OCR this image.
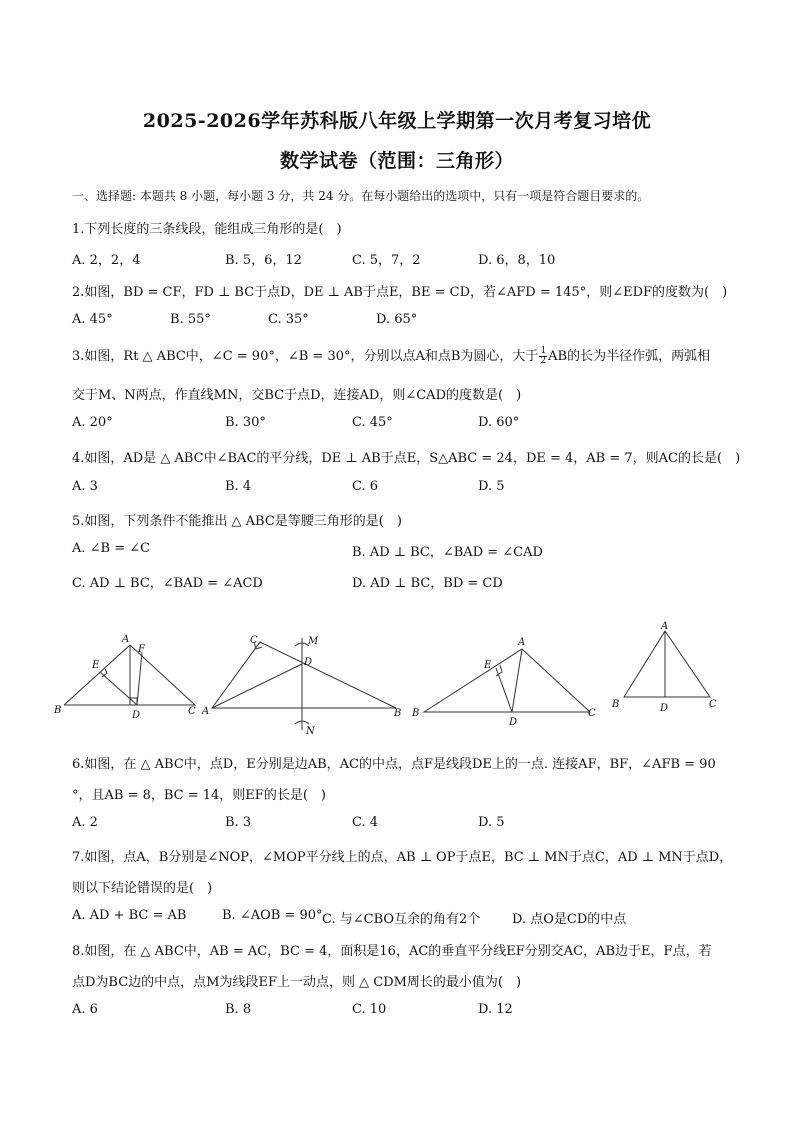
2025-2026学年苏科版八年级上学期第一次月考复习培优
数学试卷（范围：三角形）
一、选择题: 本题共 8 小题，每小题 3 分，共 24 分。在每小题给出的选项中，只有一项是符合题目要求的。
1.下列长度的三条线段，能组成三角形的是(　)
A. 2，2，4	B. 5，6，12	C. 5，7，2	D. 6，8，10
2.如图，BD = CF，FD ⊥ BC于点D，DE ⊥ AB于点E，BE = CD，若∠AFD = 145°，则∠EDF的度数为(　)
A. 45°	B. 55°	C. 35°	D. 65°
3.如图，Rt △ ABC中，∠C = 90°，∠B = 30°，分别以点A和点B为圆心，大于 $\frac{1}{2}$ AB的长为半径作弧，两弧相
交于M、N两点，作直线MN，交BC于点D，连接AD，则∠CAD的度数是(　)
A. 20°	B. 30°	C. 45°	D. 60°
4.如图，AD是 △ ABC中∠BAC的平分线，DE ⊥ AB于点E，S△ABC = 24，DE = 4，AB = 7，则AC的长是(　)
A. 3	B. 4	C. 6	D. 5
5.如图，下列条件不能推出 △ ABC是等腰三角形的是(　)
A. ∠B = ∠C	B. AD ⊥ BC，∠BAD = ∠CAD
C. AD ⊥ BC，∠BAD = ∠ACD	D. AD ⊥ BC，BD = CD
A
F
E
B	D	C
C	M
D
A	B
N
A
E
B
D
C
A
B	D	C
6.如图，在 △ ABC中，点D，E分别是边AB，AC的中点，点F是线段DE上的一点. 连接AF，BF，∠AFB = 90
°，且AB = 8，BC = 14，则EF的长是(　)
A. 2	B. 3	C. 4	D. 5
7.如图，点A，B分别是∠NOP，∠MOP平分线上的点，AB ⊥ OP于点E，BC ⊥ MN于点C，AD ⊥ MN于点D，
则以下结论错误的是(　)
A. AD + BC = AB	B. ∠AOB = 90° C. 与∠CBO互余的角有2个 D. 点O是CD的中点
8.如图，在 △ ABC中，AB = AC，BC = 4，面积是16，AC的垂直平分线EF分别交AC，AB边于E，F点，若
点D为BC边的中点，点M为线段EF上一动点，则 △ CDM周长的最小值为(　)
A. 6	B. 8	C. 10	D. 12
